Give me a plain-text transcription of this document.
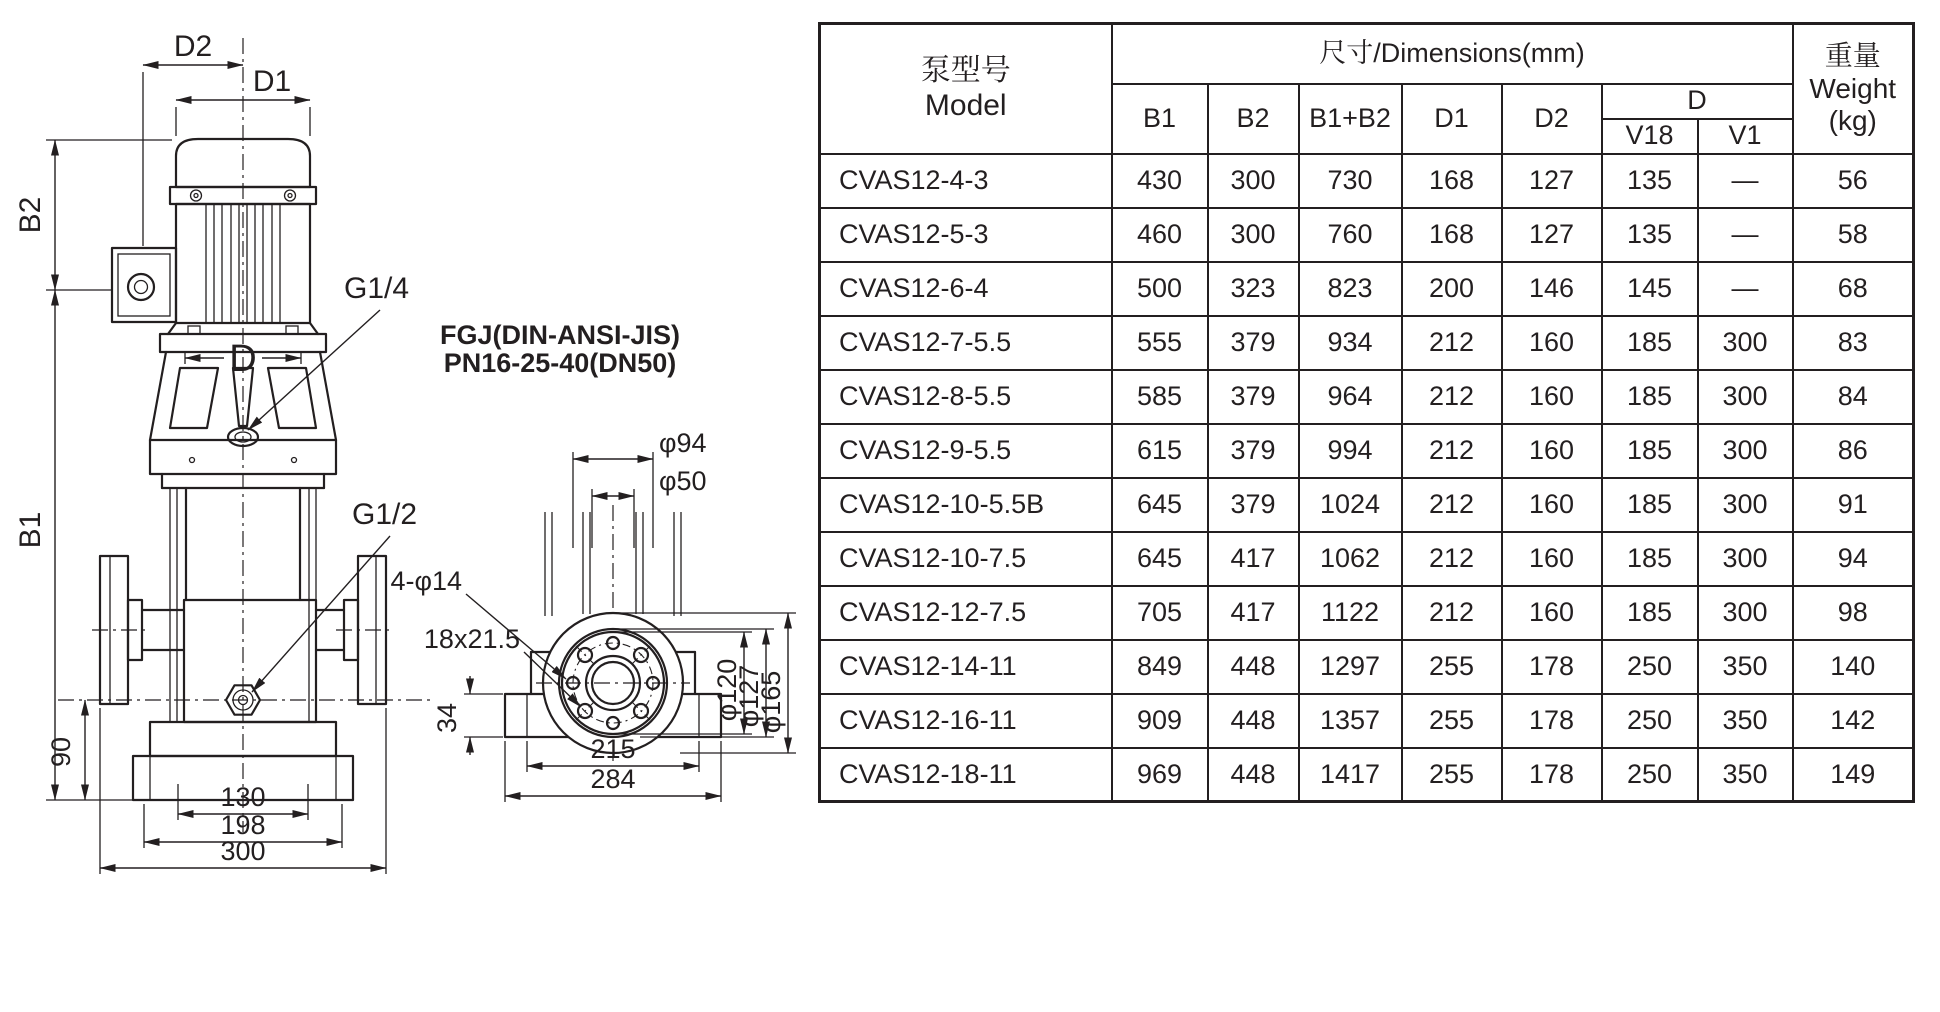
D
D2
D1
B2
B1
90
130
198
300
G1/4
G1/2
FGJ(DIN-ANSI-JIS)
PN16-25-40(DN50)
φ94
φ50
18x21.5
4-φ14
34
215
284
φ120
φ127
φ165
泵型号
Model
	尺寸/Dimensions(mm)	重量
Weight
(kg)

	B1	B2	B1+B2	D1	D2	D		
						V18	V1	
CVAS12-4-3	430	300	730	168	127	135	—	56
CVAS12-5-3	460	300	760	168	127	135	—	58
CVAS12-6-4	500	323	823	200	146	145	—	68
CVAS12-7-5.5	555	379	934	212	160	185	300	83
CVAS12-8-5.5	585	379	964	212	160	185	300	84
CVAS12-9-5.5	615	379	994	212	160	185	300	86
CVAS12-10-5.5B	645	379	1024	212	160	185	300	91
CVAS12-10-7.5	645	417	1062	212	160	185	300	94
CVAS12-12-7.5	705	417	1122	212	160	185	300	98
CVAS12-14-11	849	448	1297	255	178	250	350	140
CVAS12-16-11	909	448	1357	255	178	250	350	142
CVAS12-18-11	969	448	1417	255	178	250	350	149
